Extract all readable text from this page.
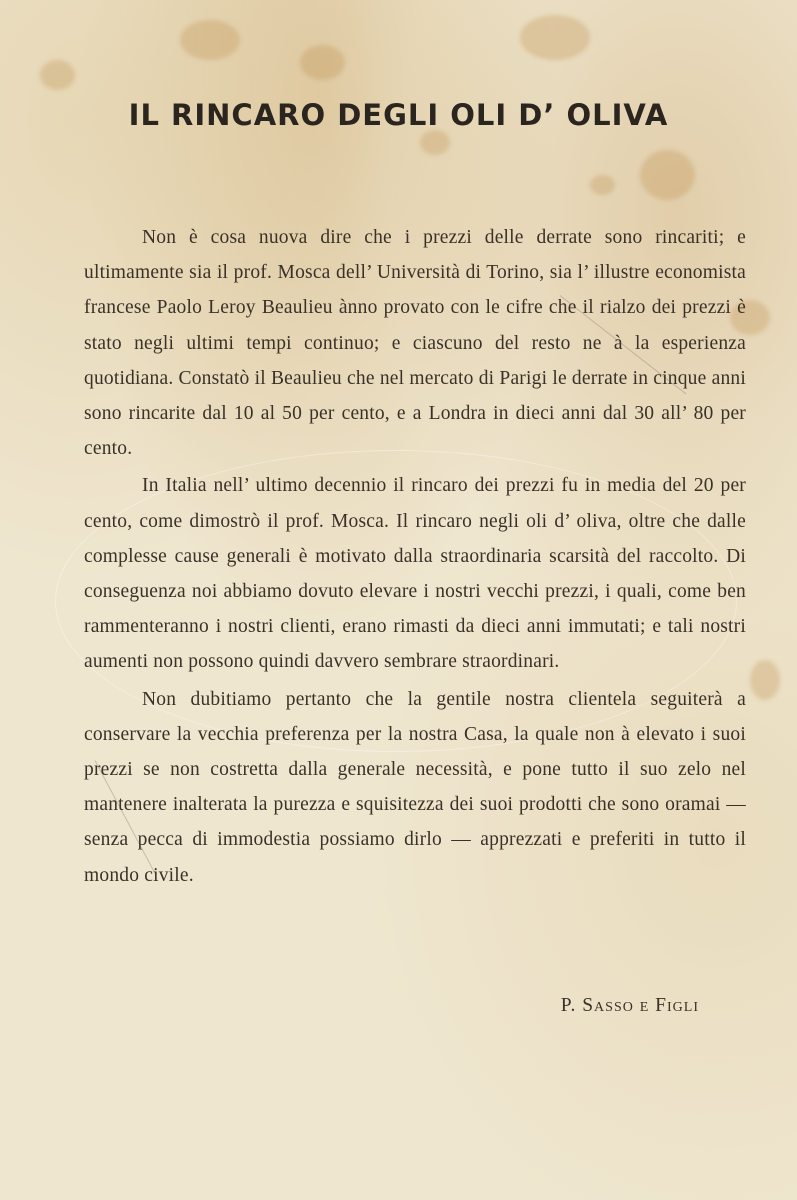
IL RINCARO DEGLI OLI D’ OLIVA

Non è cosa nuova dire che i prezzi delle derrate sono rincariti; e ultimamente sia il prof. Mosca dell’ Università di Torino, sia l’ illustre economista francese Paolo Leroy Beaulieu ànno provato con le cifre che il rialzo dei prezzi è stato negli ultimi tempi continuo; e ciascuno del resto ne à la esperienza quotidiana. Constatò il Beaulieu che nel mercato di Parigi le derrate in cinque anni sono rincarite dal 10 al 50 per cento, e a Londra in dieci anni dal 30 all’ 80 per cento.

In Italia nell’ ultimo decennio il rincaro dei prezzi fu in media del 20 per cento, come dimostrò il prof. Mosca. Il rincaro negli oli d’ oliva, oltre che dalle complesse cause generali è motivato dalla straordinaria scarsità del raccolto. Di conseguenza noi abbiamo dovuto elevare i nostri vecchi prezzi, i quali, come ben rammenteranno i nostri clienti, erano rimasti da dieci anni immutati; e tali nostri aumenti non possono quindi davvero sembrare straordinari.

Non dubitiamo pertanto che la gentile nostra clientela seguiterà a conservare la vecchia preferenza per la nostra Casa, la quale non à elevato i suoi prezzi se non costretta dalla generale necessità, e pone tutto il suo zelo nel mantenere inalterata la purezza e squisitezza dei suoi prodotti che sono oramai — senza pecca di immodestia possiamo dirlo — apprezzati e preferiti in tutto il mondo civile.

P. Sasso e Figli
